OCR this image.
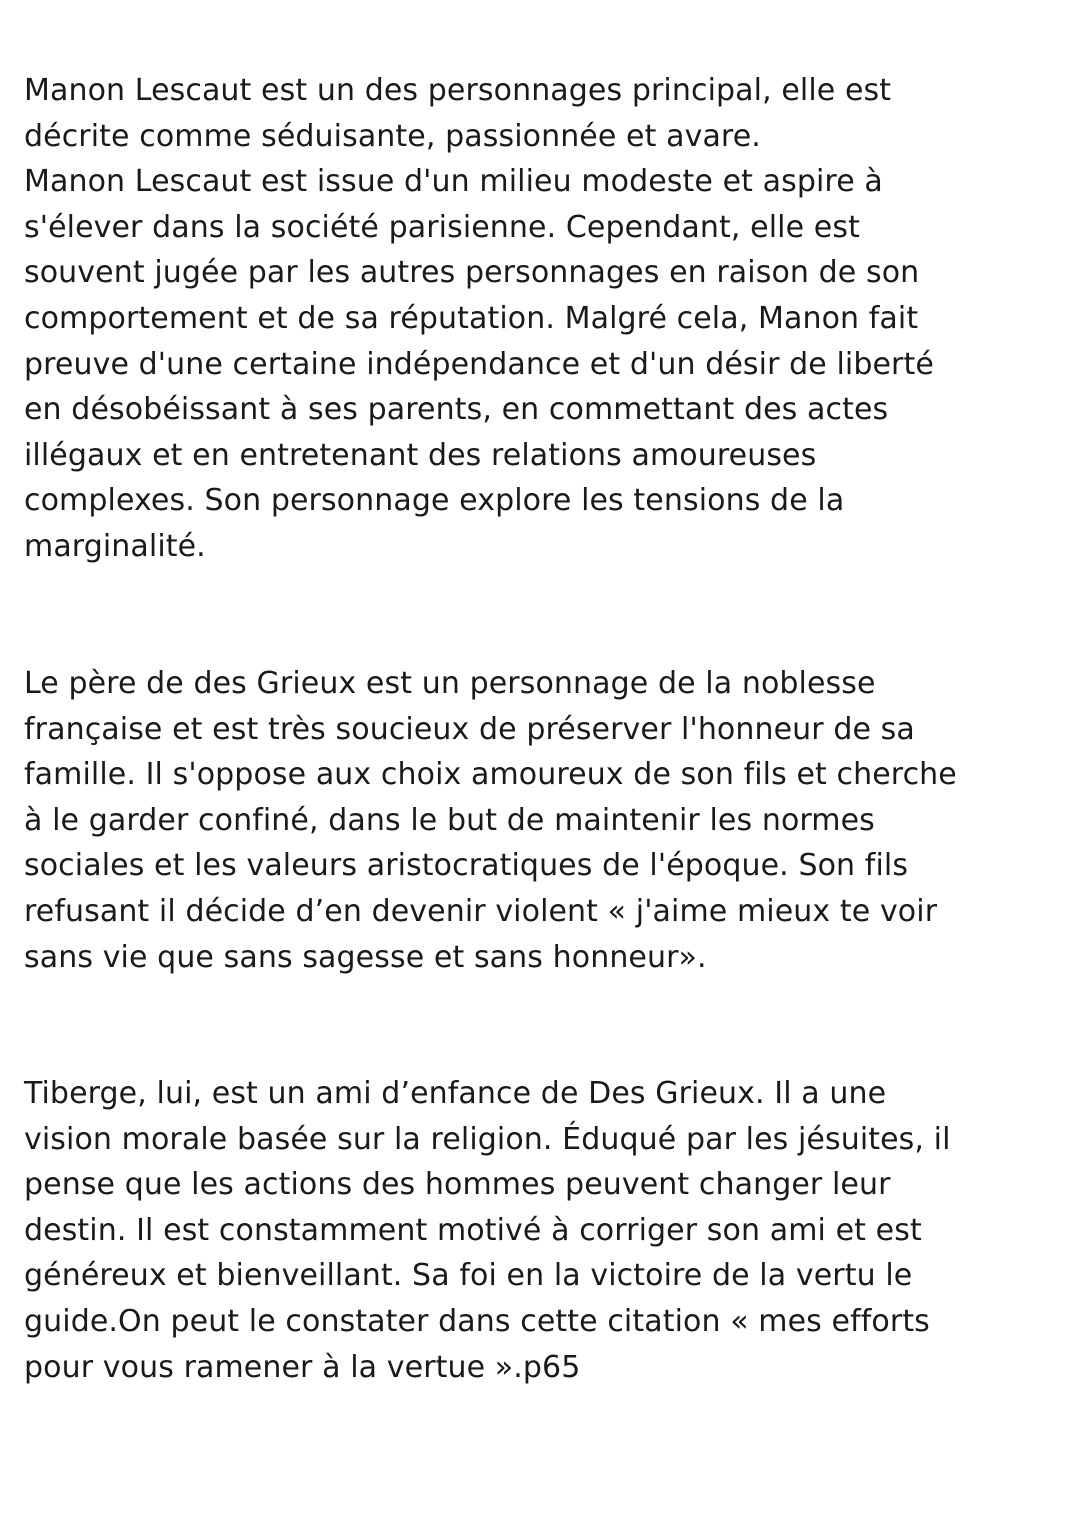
Manon Lescaut est un des personnages principal, elle est
décrite comme séduisante, passionnée et avare.
Manon Lescaut est issue d'un milieu modeste et aspire à
s'élever dans la société parisienne. Cependant, elle est
souvent jugée par les autres personnages en raison de son
comportement et de sa réputation. Malgré cela, Manon fait
preuve d'une certaine indépendance et d'un désir de liberté
en désobéissant à ses parents, en commettant des actes
illégaux et en entretenant des relations amoureuses
complexes. Son personnage explore les tensions de la
marginalité.

Le père de des Grieux est un personnage de la noblesse
française et est très soucieux de préserver l'honneur de sa
famille. Il s'oppose aux choix amoureux de son fils et cherche
à le garder confiné, dans le but de maintenir les normes
sociales et les valeurs aristocratiques de l'époque. Son fils
refusant il décide d’en devenir violent « j'aime mieux te voir
sans vie que sans sagesse et sans honneur».

Tiberge, lui, est un ami d’enfance de Des Grieux. Il a une
vision morale basée sur la religion. Éduqué par les jésuites, il
pense que les actions des hommes peuvent changer leur
destin. Il est constamment motivé à corriger son ami et est
généreux et bienveillant. Sa foi en la victoire de la vertu le
guide.On peut le constater dans cette citation « mes efforts
pour vous ramener à la vertue ».p65
